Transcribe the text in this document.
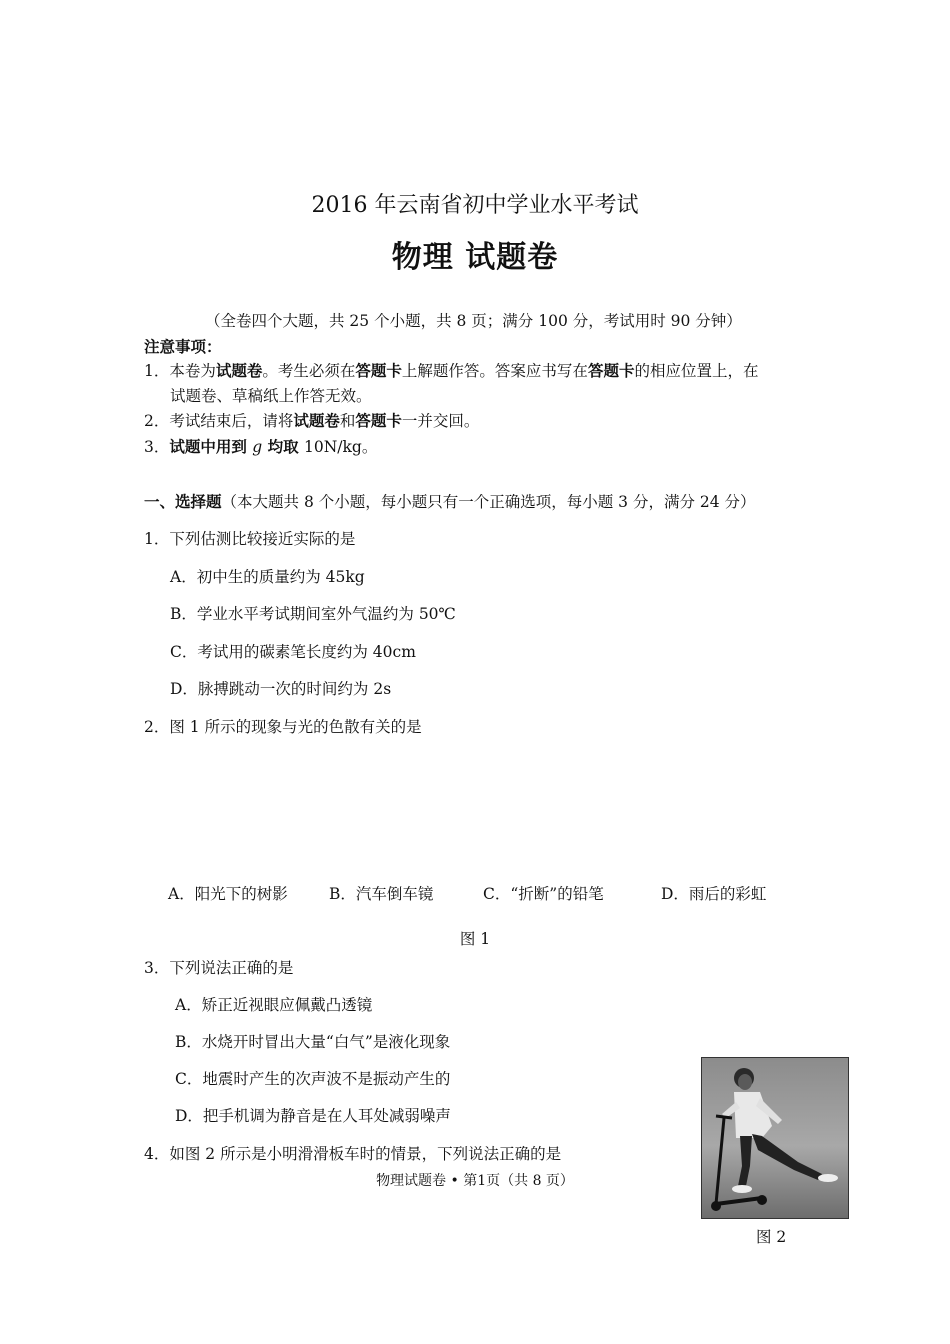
2016 年云南省初中学业水平考试
物理 试题卷
（全卷四个大题，共 25 个小题，共 8 页；满分 100 分，考试用时 90 分钟）
注意事项：
1．本卷为试题卷。考生必须在答题卡上解题作答。答案应书写在答题卡的相应位置上，在
试题卷、草稿纸上作答无效。
2．考试结束后，请将试题卷和答题卡一并交回。
3．试题中用到 g 均取 10N/kg。
一、选择题（本大题共 8 个小题，每小题只有一个正确选项，每小题 3 分，满分 24 分）
1．下列估测比较接近实际的是
A．初中生的质量约为 45kg
B．学业水平考试期间室外气温约为 50℃
C．考试用的碳素笔长度约为 40cm
D．脉搏跳动一次的时间约为 2s
2．图 1 所示的现象与光的色散有关的是
A．阳光下的树影	B．汽车倒车镜	C．“折断”的铅笔	D．雨后的彩虹
图 1
3．下列说法正确的是
A．矫正近视眼应佩戴凸透镜
B．水烧开时冒出大量“白气”是液化现象
C．地震时产生的次声波不是振动产生的
D．把手机调为静音是在人耳处减弱噪声
4．如图 2 所示是小明滑滑板车时的情景，下列说法正确的是
图 2
物理试题卷 • 第1页（共 8 页）
